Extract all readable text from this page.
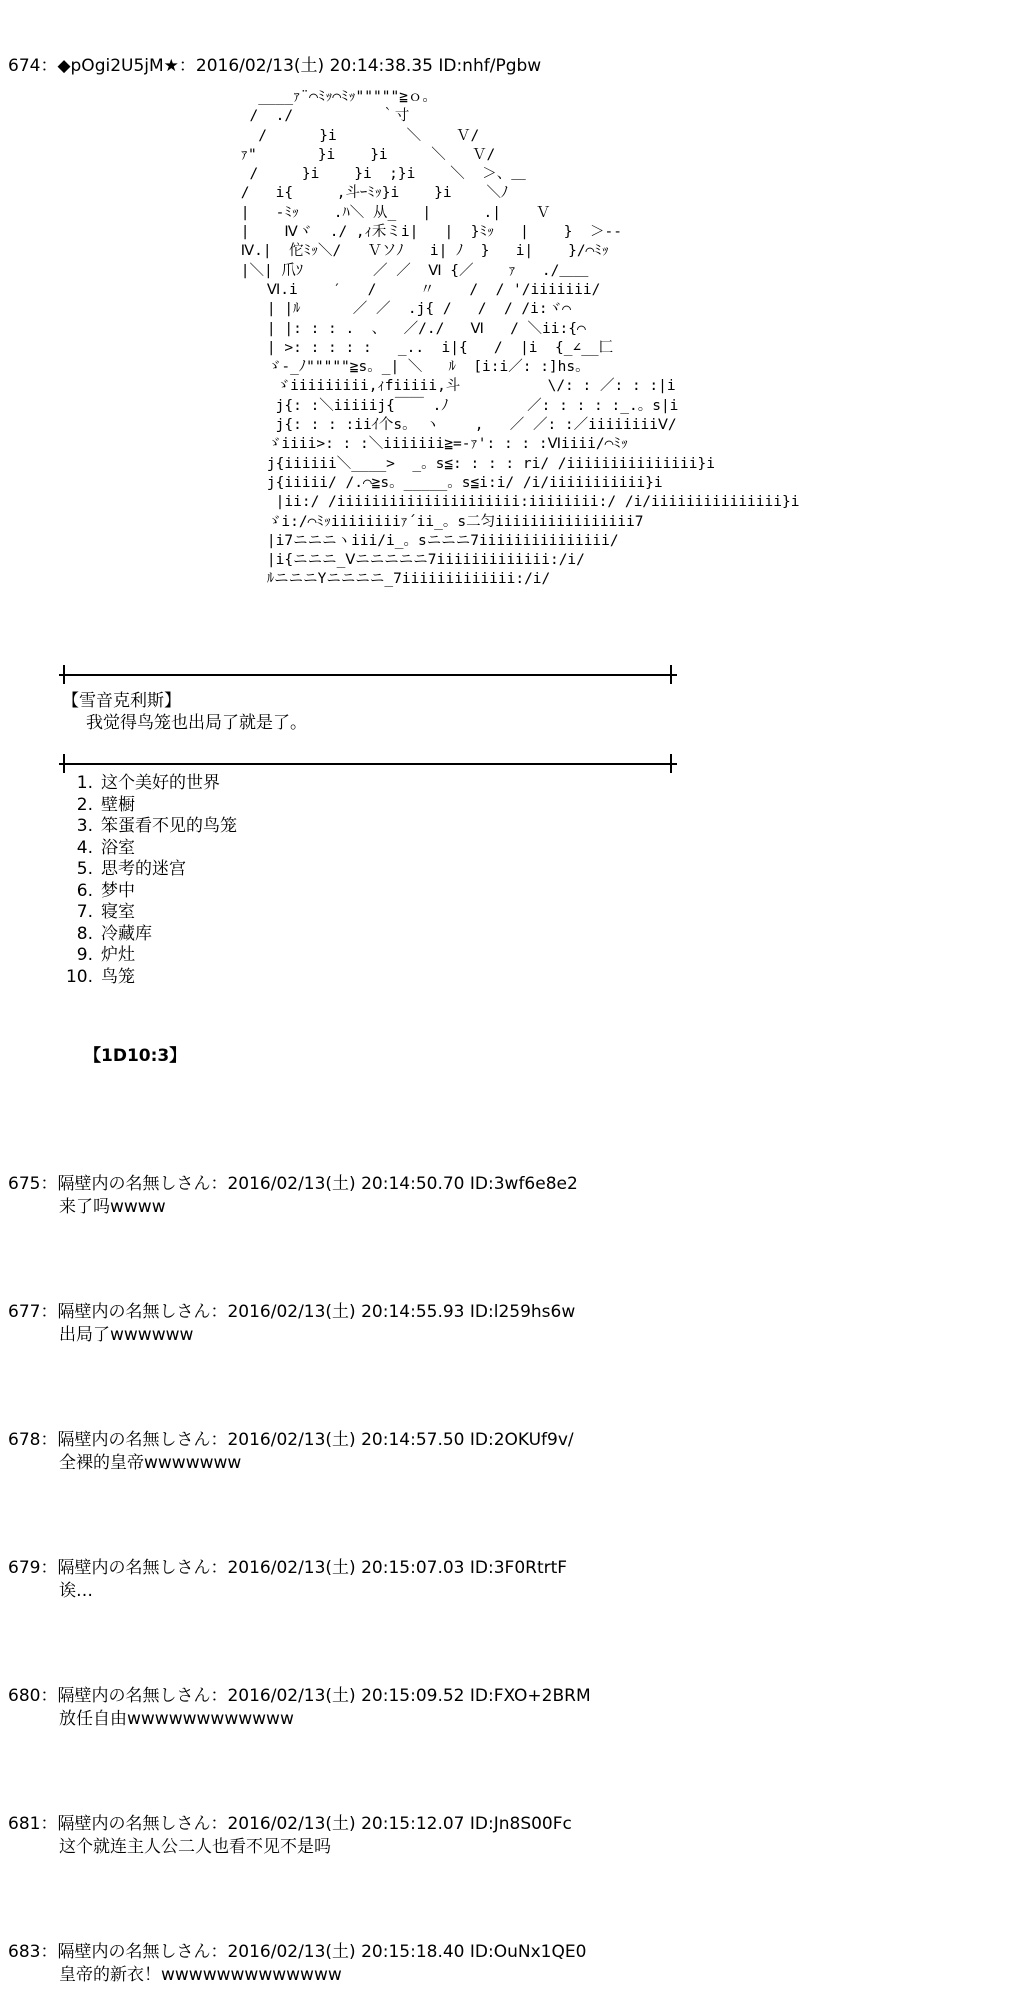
674：◆pOgi2U5jM★：2016/02/13(土) 20:14:38.35 ID:nhf/Pgbw
____ｧ¨⌒ﾐｯ⌒ﾐｯ"""""≧ｏ。
/  ./          ｀寸
/      }i        ＼    Ｖ/
ｧ"       }i    }i     ＼   Ｖ/
/     }i    }i  ;}i    ＼  ＞、＿
/   i{     ,斗ｰﾐｯ}i    }i    ＼ﾉ
|   -ﾐｯ    .ﾊ＼ 从_   |      .|    Ｖ
|    Ⅳヾ  ./ ,ｨ禾ミi|   |  }ﾐｯ   |    }  ＞‐-
Ⅳ.|  佗ﾐｯ＼/   Ｖソﾉ   i| ﾉ  }   i|    }/⌒ﾐｯ
|＼| 爪ｿ        ／ ／  Ⅵ {／    ｧ   ./＿＿
Ⅵ.i    ′   /     〃    /  / '/iiiiiii/
| |ﾙ      ／ ／  .j{ /   /  / /i:ヾ⌒
| |: : : .  、  ／/./   Ⅵ   / ＼ii:{⌒
| >: : : : :   _..  i|{   /  |i  {_∠__匚
ゞ-_ﾉ"""""≧s。_| ＼   ﾙ  [i:i／: :]hs。
ゞiiiiiiiii,ｨfiiiii,斗          \/: : ／: : :|i
j{: :＼iiiiij{￣￣ .ﾉ         ／: : : : :_.。s|i
j{: : : :iiｲ个s。 ヽ    ,   ／ ／: :／iiiiiiiiⅤ/
ゞiiii>: : :＼iiiiiii≧=-ｧ': : : :Ⅵiiii/⌒ﾐｯ
j{iiiiii＼____>  _。s≦: : : : ri/ /iiiiiiiiiiiiiii}i
j{iiiii/ /.⌒≧s。_____。s≦i:i/ /i/iiiiiiiiiii}i
|ii:/ /iiiiiiiiiiiiiiiiiiiii:iiiiiiii:/ /i/iiiiiiiiiiiiiii}i
ゞi:/⌒ﾐｯiiiiiiiiｧ´ii_。s二匀iiiiiiiiiiiiiiii7
|i7ニニニヽiii/i_。sニニニ7iiiiiiiiiiiiiii/
|i{ニニニ_Ⅴニニニニニ7iiiiiiiiiiiii:/i/
ﾙニニニYニニニニ_7iiiiiiiiiiiii:/i/
【雪音克利斯】
我觉得鸟笼也出局了就是了。
1. 这个美好的世界
2. 壁橱
3. 笨蛋看不见的鸟笼
4. 浴室
5. 思考的迷宫
6. 梦中
7. 寝室
8. 冷藏库
9. 炉灶
10. 鸟笼
【1D10:3】
675：隔壁内の名無しさん：2016/02/13(土) 20:14:50.70 ID:3wf6e8e2
来了吗wwww
677：隔壁内の名無しさん：2016/02/13(土) 20:14:55.93 ID:l259hs6w
出局了wwwwww
678：隔壁内の名無しさん：2016/02/13(土) 20:14:57.50 ID:2OKUf9v/
全裸的皇帝wwwwwww
679：隔壁内の名無しさん：2016/02/13(土) 20:15:07.03 ID:3F0RtrtF
诶…
680：隔壁内の名無しさん：2016/02/13(土) 20:15:09.52 ID:FXO+2BRM
放任自由wwwwwwwwwwww
681：隔壁内の名無しさん：2016/02/13(土) 20:15:12.07 ID:Jn8S00Fc
这个就连主人公二人也看不见不是吗
683：隔壁内の名無しさん：2016/02/13(土) 20:15:18.40 ID:OuNx1QE0
皇帝的新衣！wwwwwwwwwwwww
